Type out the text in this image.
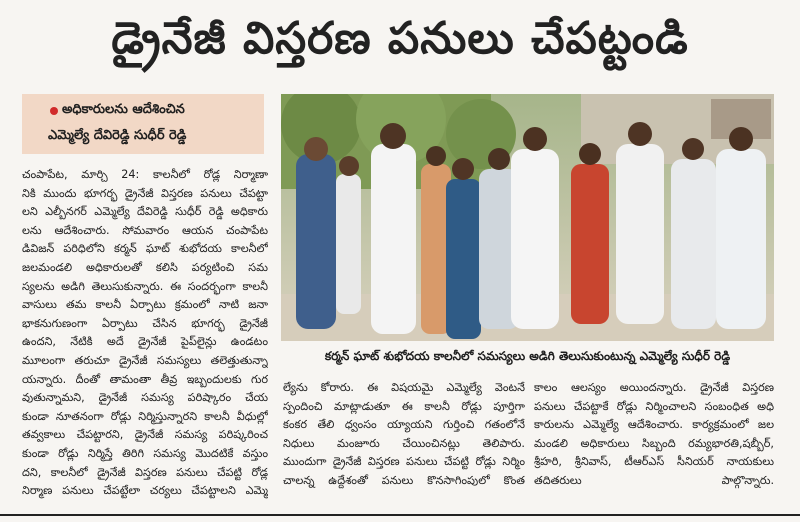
డ్రైనేజీ విస్తరణ పనులు చేపట్టండి
అధికారులను ఆదేశించిన
ఎమ్మెల్యే దేవిరెడ్డి సుధీర్ రెడ్డి
చంపాపేట, మార్చి 24: కాలనీలో రోడ్ల నిర్మాణా
నికి ముందు భూగర్భ డ్రైనేజీ విస్తరణ పనులు చేపట్టా
లని ఎల్బీనగర్ ఎమ్మెల్యే దేవిరెడ్డి సుధీర్ రెడ్డి అధికారు
లను ఆదేశించారు. సోమవారం ఆయన చంపాపేట
డివిజన్ పరిధిలోని కర్మన్ ఘాట్ శుభోదయ కాలనీలో
జలమండలి అధికారులతో కలిసి పర్యటించి సమ
స్యలను అడిగి తెలుసుకున్నారు. ఈ సందర్భంగా కాలనీ
వాసులు తమ కాలనీ ఏర్పాటు క్రమంలో నాటి జనా
భాకనుగుణంగా ఏర్పాటు చేసిన భూగర్భ డ్రైనేజీ
ఉందని, నేటికి అదే డ్రైనేజీ పైప్‌లైన్లు ఉండటం
మూలంగా తరుచూ డ్రైనేజీ సమస్యలు తలెత్తుతున్నా
యన్నారు. దీంతో తామంతా తీవ్ర ఇబ్బందులకు గుర
వుతున్నామని, డ్రైనేజీ సమస్య పరిష్కారం చేయ
కుండా నూతనంగా రోడ్లు నిర్మిస్తున్నారని కాలనీ వీధుల్లో
తవ్వకాలు చేపట్టారని, డ్రైనేజీ సమస్య పరిష్కరించ
కుండా రోడ్లు నిర్మిస్తే తిరిగి సమస్య మొదటికే వస్తుం
దని, కాలనీలో డ్రైనేజీ విస్తరణ పనులు చేపట్టి రోడ్ల
నిర్మాణ పనులు చేపట్టేలా చర్యలు చేపట్టాలని ఎమ్మె
కర్మన్ ఘాట్ శుభోదయ కాలనీలో సమస్యలు అడిగి తెలుసుకుంటున్న ఎమ్మెల్యే సుధీర్ రెడ్డి
ల్యేను కోరారు. ఈ విషయమై ఎమ్మెల్యే వెంటనే
స్పందించి మాట్లాడుతూ ఈ కాలనీ రోడ్లు పూర్తిగా
కంకర తేలి ధ్వంసం య్యాయని గుర్తించి గతంలోనే
నిధులు మంజూరు చేయించినట్లు తెలిపారు.
ముందుగా డ్రైనేజీ విస్తరణ పనులు చేపట్టి రోడ్లు నిర్మిం
చాలన్న ఉద్దేశంతో పనులు కొనసాగింపులో కొంత
కాలం ఆలస్యం అయిందన్నారు. డ్రైనేజీ విస్తరణ
పనులు చేపట్టాకే రోడ్లు నిర్మించాలని సంబంధిత అధి
కారులను ఎమ్మెల్యే ఆదేశించారు. కార్యక్రమంలో జల
మండలి అధికారులు సిబ్బంది రమ్యభారతి,షబ్బీర్,
శ్రీహరి, శ్రీనివాస్, టీఆర్ఎస్ సీనియర్ నాయకులు
తదితరులు పాల్గొన్నారు.
